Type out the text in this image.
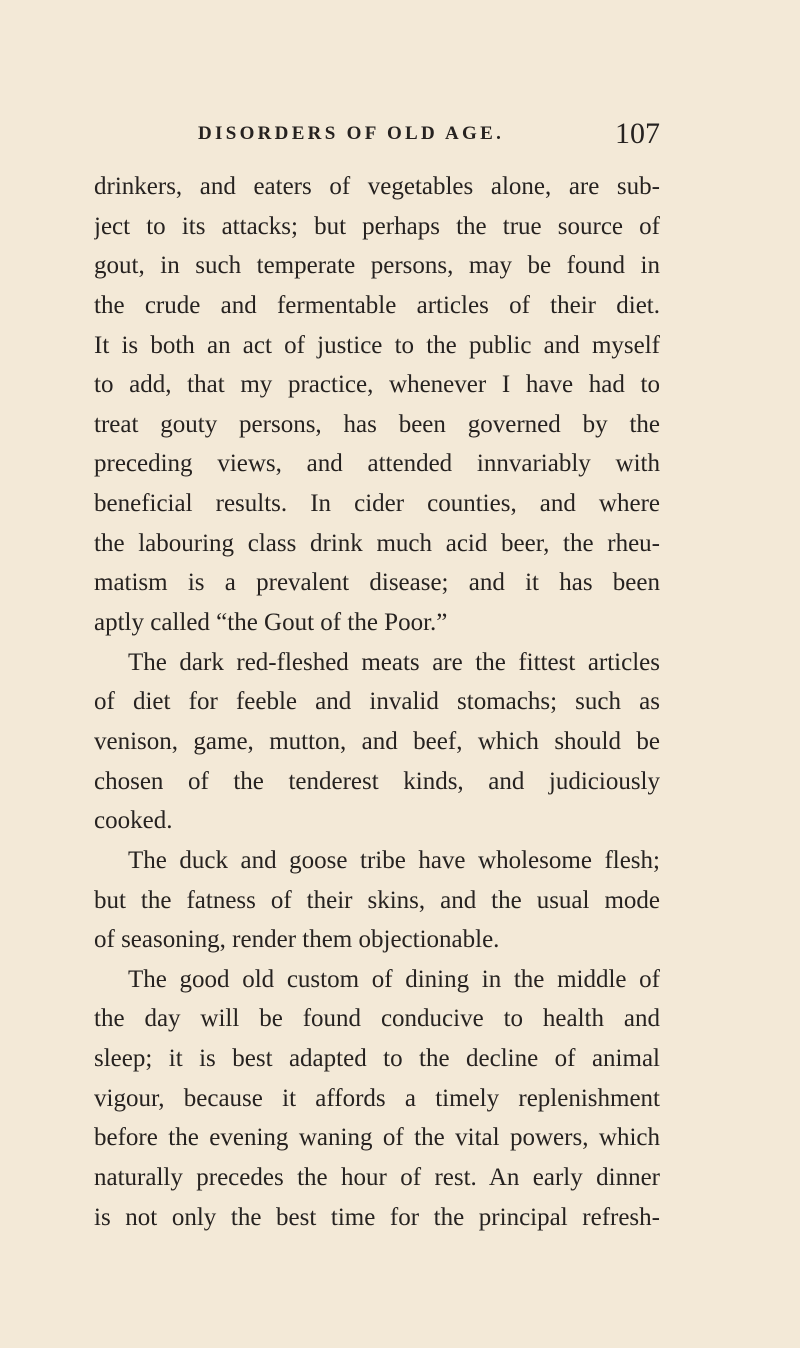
DISORDERS OF OLD AGE.	107
drinkers, and eaters of vegetables alone, are sub-
ject to its attacks; but perhaps the true source of
gout, in such temperate persons, may be found in
the crude and fermentable articles of their diet.
It is both an act of justice to the public and myself
to add, that my practice, whenever I have had to
treat gouty persons, has been governed by the
preceding views, and attended innvariably with
beneficial results. In cider counties, and where
the labouring class drink much acid beer, the rheu-
matism is a prevalent disease; and it has been
aptly called “the Gout of the Poor.”
The dark red-fleshed meats are the fittest articles
of diet for feeble and invalid stomachs; such as
venison, game, mutton, and beef, which should be
chosen of the tenderest kinds, and judiciously
cooked.
The duck and goose tribe have wholesome flesh;
but the fatness of their skins, and the usual mode
of seasoning, render them objectionable.
The good old custom of dining in the middle of
the day will be found conducive to health and
sleep; it is best adapted to the decline of animal
vigour, because it affords a timely replenishment
before the evening waning of the vital powers, which
naturally precedes the hour of rest. An early dinner
is not only the best time for the principal refresh-
